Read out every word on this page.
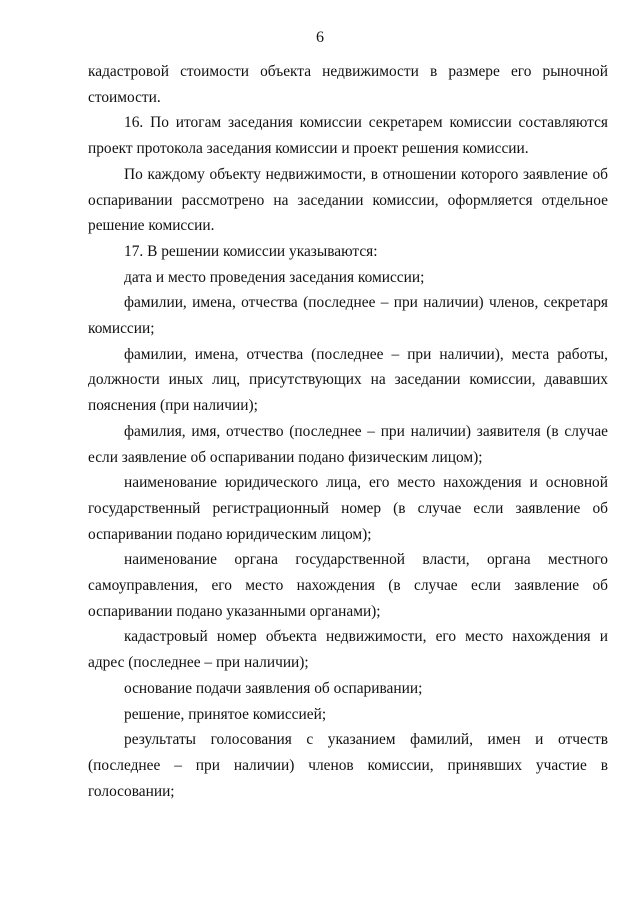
6

кадастровой стоимости объекта недвижимости в размере его рыночной стоимости.

16. По итогам заседания комиссии секретарем комиссии составляются проект протокола заседания комиссии и проект решения комиссии.

По каждому объекту недвижимости, в отношении которого заявление об оспаривании рассмотрено на заседании комиссии, оформляется отдельное решение комиссии.

17. В решении комиссии указываются:

дата и место проведения заседания комиссии;

фамилии, имена, отчества (последнее – при наличии) членов, секретаря комиссии;

фамилии, имена, отчества (последнее – при наличии), места работы, должности иных лиц, присутствующих на заседании комиссии, дававших пояснения (при наличии);

фамилия, имя, отчество (последнее – при наличии) заявителя (в случае если заявление об оспаривании подано физическим лицом);

наименование юридического лица, его место нахождения и основной государственный регистрационный номер (в случае если заявление об оспаривании подано юридическим лицом);

наименование органа государственной власти, органа местного самоуправления, его место нахождения (в случае если заявление об оспаривании подано указанными органами);

кадастровый номер объекта недвижимости, его место нахождения и адрес (последнее – при наличии);

основание подачи заявления об оспаривании;

решение, принятое комиссией;

результаты голосования с указанием фамилий, имен и отчеств (последнее – при наличии) членов комиссии, принявших участие в голосовании;
